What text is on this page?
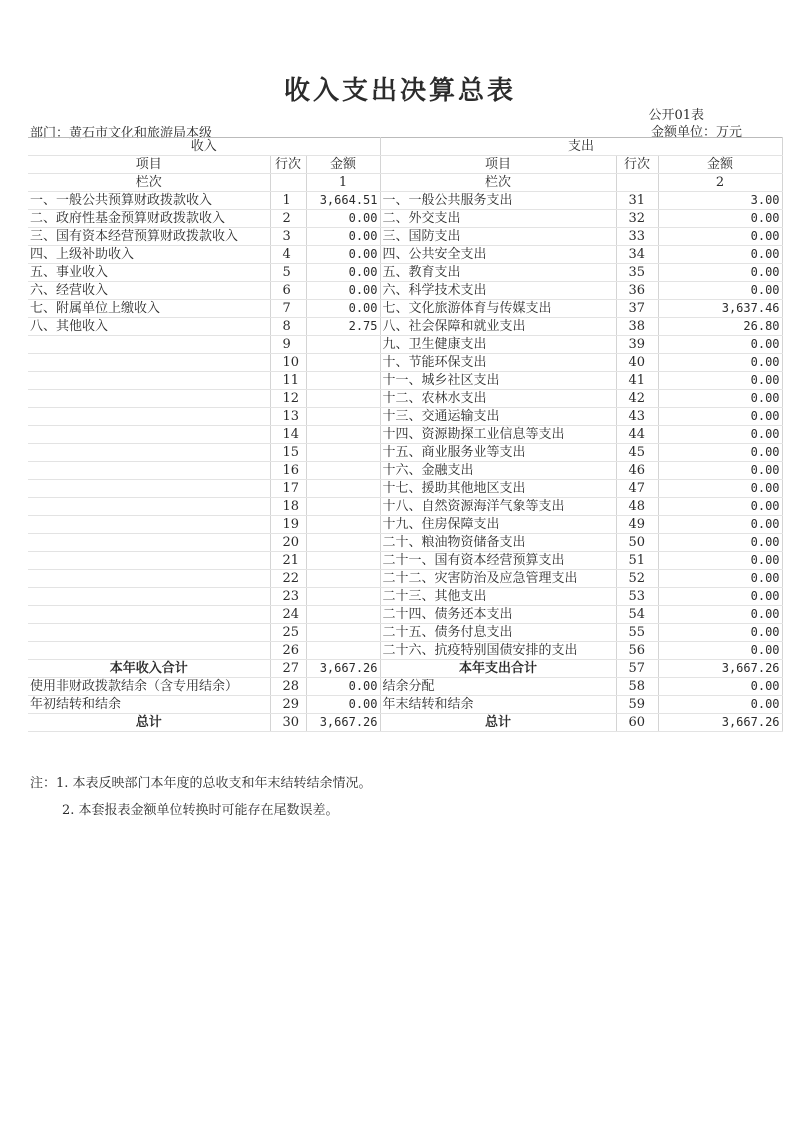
收入支出决算总表
公开01表
金额单位：万元
部门：黄石市文化和旅游局本级
收入			支出		
项目	行次	金额	项目	行次	金额
栏次		1	栏次		2
一、一般公共预算财政拨款收入	1	3,664.51	一、一般公共服务支出	31	3.00
二、政府性基金预算财政拨款收入	2	0.00	二、外交支出	32	0.00
三、国有资本经营预算财政拨款收入	3	0.00	三、国防支出	33	0.00
四、上级补助收入	4	0.00	四、公共安全支出	34	0.00
五、事业收入	5	0.00	五、教育支出	35	0.00
六、经营收入	6	0.00	六、科学技术支出	36	0.00
七、附属单位上缴收入	7	0.00	七、文化旅游体育与传媒支出	37	3,637.46
八、其他收入	8	2.75	八、社会保障和就业支出	38	26.80
	9		九、卫生健康支出	39	0.00
	10		十、节能环保支出	40	0.00
	11		十一、城乡社区支出	41	0.00
	12		十二、农林水支出	42	0.00
	13		十三、交通运输支出	43	0.00
	14		十四、资源勘探工业信息等支出	44	0.00
	15		十五、商业服务业等支出	45	0.00
	16		十六、金融支出	46	0.00
	17		十七、援助其他地区支出	47	0.00
	18		十八、自然资源海洋气象等支出	48	0.00
	19		十九、住房保障支出	49	0.00
	20		二十、粮油物资储备支出	50	0.00
	21		二十一、国有资本经营预算支出	51	0.00
	22		二十二、灾害防治及应急管理支出	52	0.00
	23		二十三、其他支出	53	0.00
	24		二十四、债务还本支出	54	0.00
	25		二十五、债务付息支出	55	0.00
	26		二十六、抗疫特别国债安排的支出	56	0.00
本年收入合计	27	3,667.26	本年支出合计	57	3,667.26
使用非财政拨款结余（含专用结余）	28	0.00	结余分配	58	0.00
年初结转和结余	29	0.00	年末结转和结余	59	0.00
总计	30	3,667.26	总计	60	3,667.26
注：1. 本表反映部门本年度的总收支和年末结转结余情况。
2. 本套报表金额单位转换时可能存在尾数误差。
